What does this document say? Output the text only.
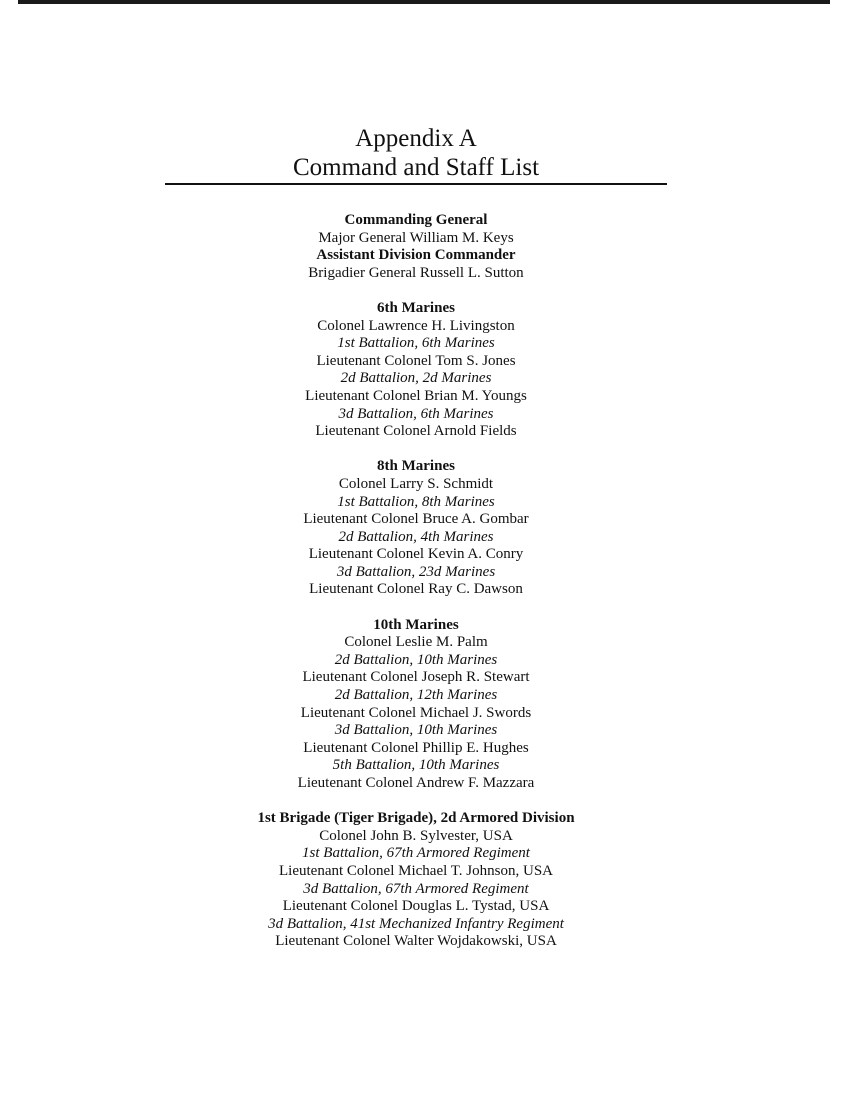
Appendix A
Command and Staff List
Commanding General
Major General William M. Keys
Assistant Division Commander
Brigadier General Russell L. Sutton
6th Marines
Colonel Lawrence H. Livingston
1st Battalion, 6th Marines
Lieutenant Colonel Tom S. Jones
2d Battalion, 2d Marines
Lieutenant Colonel Brian M. Youngs
3d Battalion, 6th Marines
Lieutenant Colonel Arnold Fields
8th Marines
Colonel Larry S. Schmidt
1st Battalion, 8th Marines
Lieutenant Colonel Bruce A. Gombar
2d Battalion, 4th Marines
Lieutenant Colonel Kevin A. Conry
3d Battalion, 23d Marines
Lieutenant Colonel Ray C. Dawson
10th Marines
Colonel Leslie M. Palm
2d Battalion, 10th Marines
Lieutenant Colonel Joseph R. Stewart
2d Battalion, 12th Marines
Lieutenant Colonel Michael J. Swords
3d Battalion, 10th Marines
Lieutenant Colonel Phillip E. Hughes
5th Battalion, 10th Marines
Lieutenant Colonel Andrew F. Mazzara
1st Brigade (Tiger Brigade), 2d Armored Division
Colonel John B. Sylvester, USA
1st Battalion, 67th Armored Regiment
Lieutenant Colonel Michael T. Johnson, USA
3d Battalion, 67th Armored Regiment
Lieutenant Colonel Douglas L. Tystad, USA
3d Battalion, 41st Mechanized Infantry Regiment
Lieutenant Colonel Walter Wojdakowski, USA
